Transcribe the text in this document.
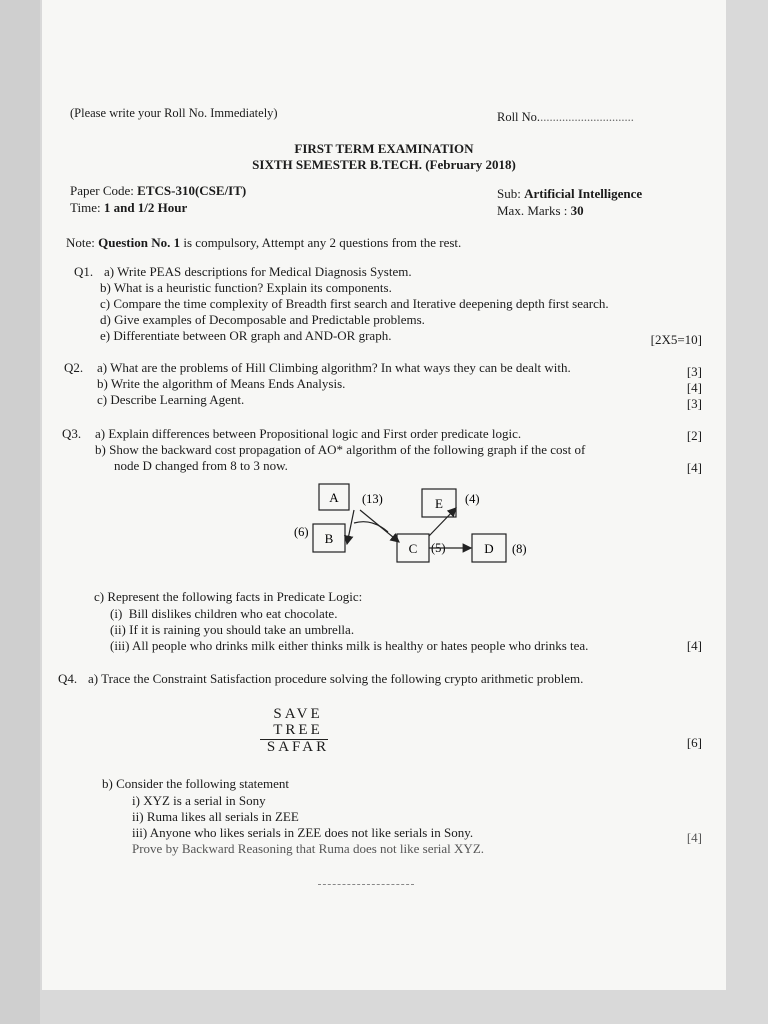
(Please write your Roll No. Immediately)	Roll No...............................
FIRST TERM EXAMINATION
SIXTH SEMESTER B.TECH. (February 2018)
Paper Code: ETCS-310(CSE/IT)
Time: 1 and 1/2 Hour
Sub: Artificial Intelligence
Max. Marks : 30
Note: Question No. 1 is compulsory, Attempt any 2 questions from the rest.
Q1. a) Write PEAS descriptions for Medical Diagnosis System.
b) What is a heuristic function? Explain its components.
c) Compare the time complexity of Breadth first search and Iterative deepening depth first search.
d) Give examples of Decomposable and Predictable problems.
e) Differentiate between OR graph and AND-OR graph.	[2X5=10]
Q2. a) What are the problems of Hill Climbing algorithm? In what ways they can be dealt with.	[3]
b) Write the algorithm of Means Ends Analysis.	[4]
c) Describe Learning Agent.	[3]
Q3. a) Explain differences between Propositional logic and First order predicate logic.	[2]
b) Show the backward cost propagation of AO* algorithm of the following graph if the cost of
node D changed from 8 to 3 now.	[4]
A (13)	E (4)
B
(6)
C (5)	D (8)
c) Represent the following facts in Predicate Logic:
(i) Bill dislikes children who eat chocolate.
(ii) If it is raining you should take an umbrella.
(iii) All people who drinks milk either thinks milk is healthy or hates people who drinks tea.	[4]
Q4. a) Trace the Constraint Satisfaction procedure solving the following crypto arithmetic problem.
SAVE
TREE
SAFAR	[6]
b) Consider the following statement
i) XYZ is a serial in Sony
ii) Ruma likes all serials in ZEE
iii) Anyone who likes serials in ZEE does not like serials in Sony.
Prove by Backward Reasoning that Ruma does not like serial XYZ.
[4]
